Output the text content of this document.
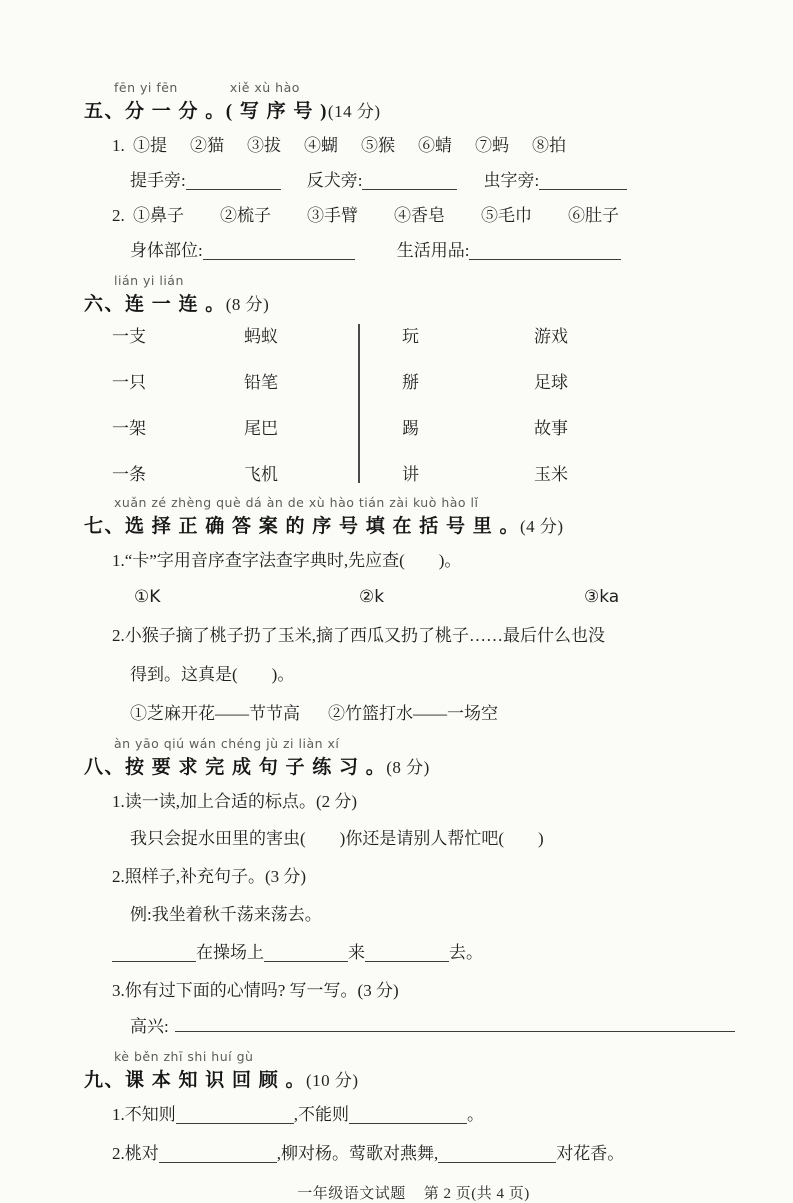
fēn yi fēn	xiě xù hào
五、分 一 分 。( 写 序 号 )(14 分)
1. ①提 ②猫 ③拔 ④蝴 ⑤猴 ⑥蜻 ⑦蚂 ⑧拍
提手旁:	反犬旁:	虫字旁:
2. ①鼻子 ②梳子 ③手臂 ④香皂 ⑤毛巾 ⑥肚子
身体部位:	生活用品:
lián yi lián
六、连 一 连 。(8 分)
一支	蚂蚁	玩	游戏
一只	铅笔	掰	足球
一架	尾巴	踢	故事
一条	飞机	讲	玉米
xuǎn zé zhèng què dá àn de xù hào tián zài kuò hào lǐ
七、选 择 正 确 答 案 的 序 号 填 在 括 号 里 。(4 分)
1.“卡”字用音序查字法查字典时,先应查(　　)。
①K	②k	③ka
2.小猴子摘了桃子扔了玉米,摘了西瓜又扔了桃子……最后什么也没
得到。这真是(　　)。
①芝麻开花——节节高 ②竹篮打水——一场空
àn yāo qiú wán chéng jù zi liàn xí
八、按 要 求 完 成 句 子 练 习 。(8 分)
1.读一读,加上合适的标点。(2 分)
我只会捉水田里的害虫(　　)你还是请别人帮忙吧(　　)
2.照样子,补充句子。(3 分)
例:我坐着秋千荡来荡去。
在操场上	来	去。
3.你有过下面的心情吗? 写一写。(3 分)
高兴:
kè běn zhī shi huí gù
九、课 本 知 识 回 顾 。(10 分)
1.不知则	,不能则	。
2.桃对	,柳对杨。莺歌对燕舞,	对花香。
一年级语文试题 第 2 页(共 4 页)
